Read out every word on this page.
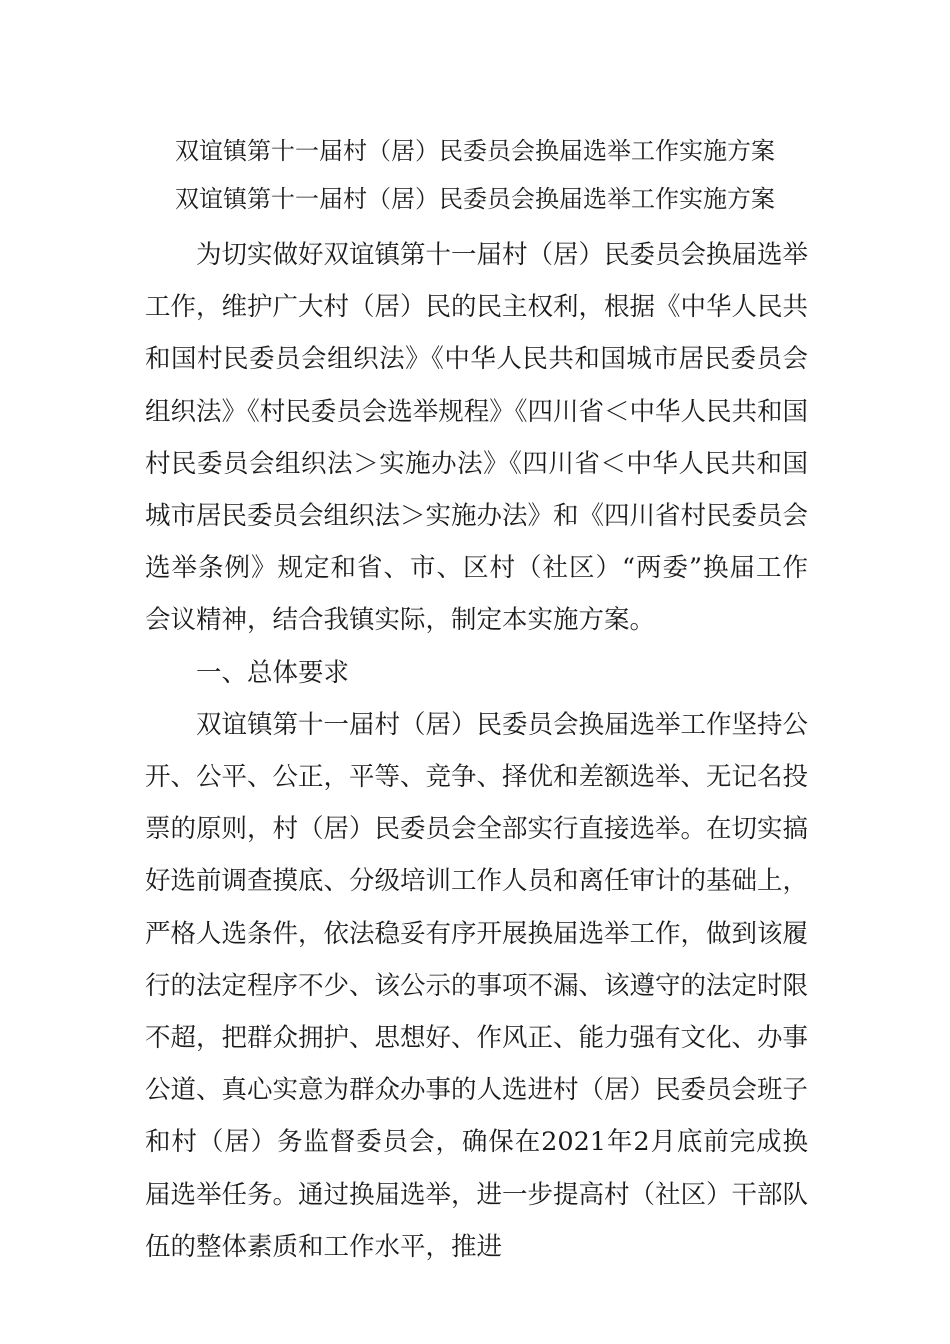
双谊镇第十一届村（居）民委员会换届选举工作实施方案
双谊镇第十一届村（居）民委员会换届选举工作实施方案

为切实做好双谊镇第十一届村（居）民委员会换届选举工作，维护广大村（居）民的民主权利，根据《中华人民共和国村民委员会组织法》《中华人民共和国城市居民委员会组织法》《村民委员会选举规程》《四川省＜中华人民共和国村民委员会组织法＞实施办法》《四川省＜中华人民共和国城市居民委员会组织法＞实施办法》和《四川省村民委员会选举条例》规定和省、市、区村（社区）“两委”换届工作会议精神，结合我镇实际，制定本实施方案。

一、总体要求

双谊镇第十一届村（居）民委员会换届选举工作坚持公开、公平、公正，平等、竞争、择优和差额选举、无记名投票的原则，村（居）民委员会全部实行直接选举。在切实搞好选前调查摸底、分级培训工作人员和离任审计的基础上，严格人选条件，依法稳妥有序开展换届选举工作，做到该履行的法定程序不少、该公示的事项不漏、该遵守的法定时限不超，把群众拥护、思想好、作风正、能力强有文化、办事公道、真心实意为群众办事的人选进村（居）民委员会班子和村（居）务监督委员会，确保在2021年2月底前完成换届选举任务。通过换届选举，进一步提高村（社区）干部队伍的整体素质和工作水平，推进
